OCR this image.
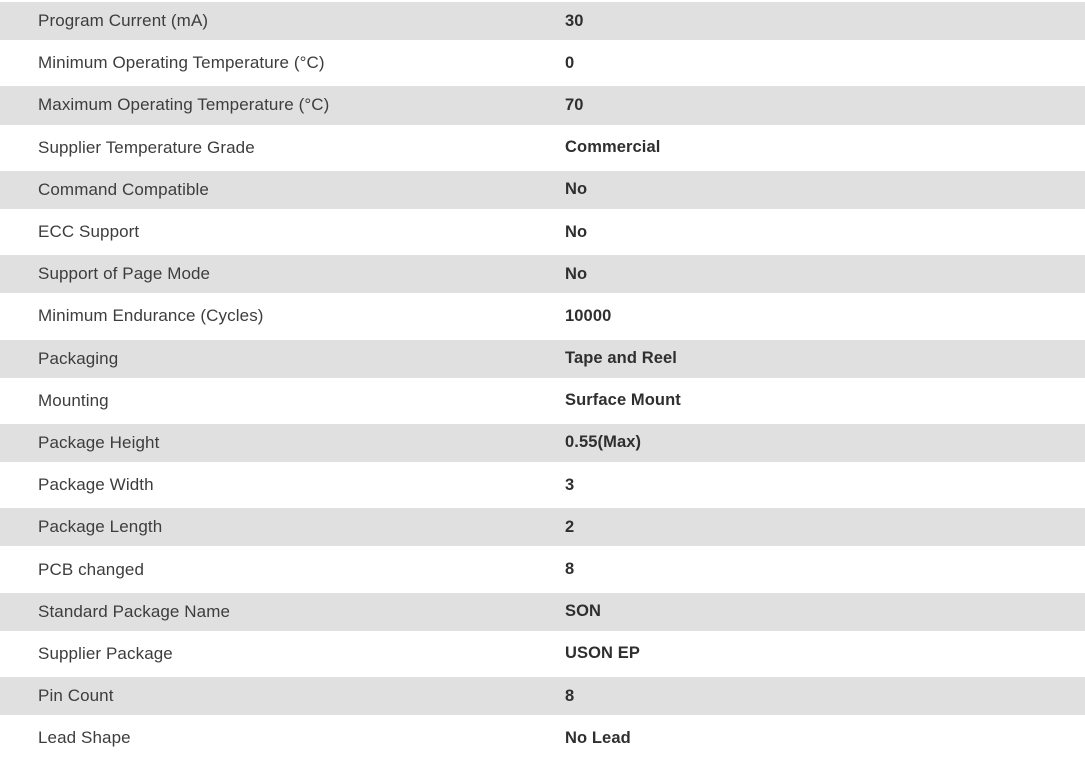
Program Current (mA)	30
Minimum Operating Temperature (°C)	0
Maximum Operating Temperature (°C)	70
Supplier Temperature Grade	Commercial
Command Compatible	No
ECC Support	No
Support of Page Mode	No
Minimum Endurance (Cycles)	10000
Packaging	Tape and Reel
Mounting	Surface Mount
Package Height	0.55(Max)
Package Width	3
Package Length	2
PCB changed	8
Standard Package Name	SON
Supplier Package	USON EP
Pin Count	8
Lead Shape	No Lead
